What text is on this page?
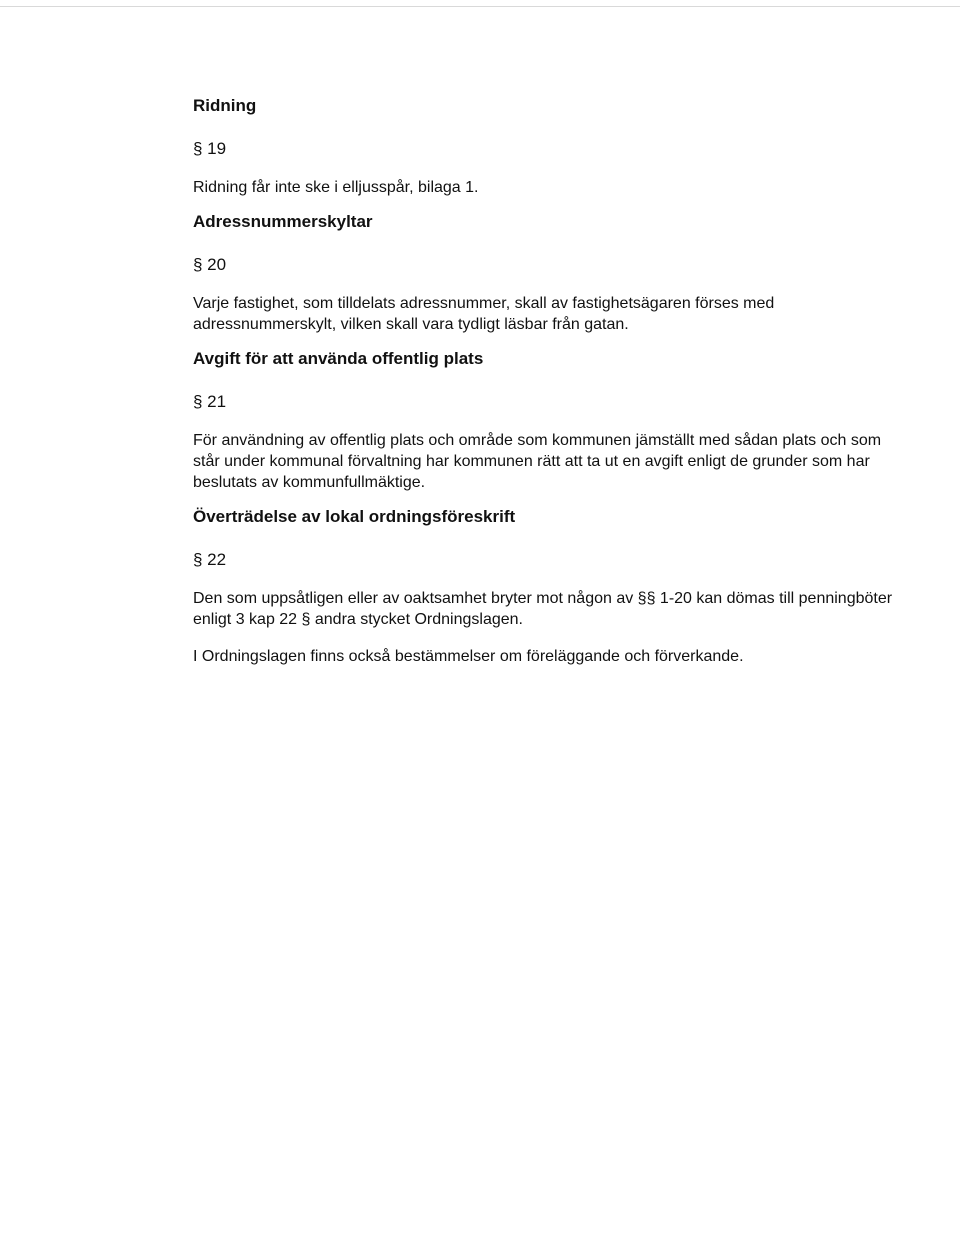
Ridning

§ 19

Ridning får inte ske i elljusspår, bilaga 1.

Adressnummerskyltar

§ 20

Varje fastighet, som tilldelats adressnummer, skall av fastighetsägaren förses med adressnummerskylt, vilken skall vara tydligt läsbar från gatan.

Avgift för att använda offentlig plats

§ 21

För användning av offentlig plats och område som kommunen jämställt med sådan plats och som står under kommunal förvaltning har kommunen rätt att ta ut en avgift enligt de grunder som har beslutats av kommunfullmäktige.

Överträdelse av lokal ordningsföreskrift

§ 22

Den som uppsåtligen eller av oaktsamhet bryter mot någon av §§ 1-20 kan dömas till penningböter enligt 3 kap 22 § andra stycket Ordningslagen.

I Ordningslagen finns också bestämmelser om föreläggande och förverkande.
